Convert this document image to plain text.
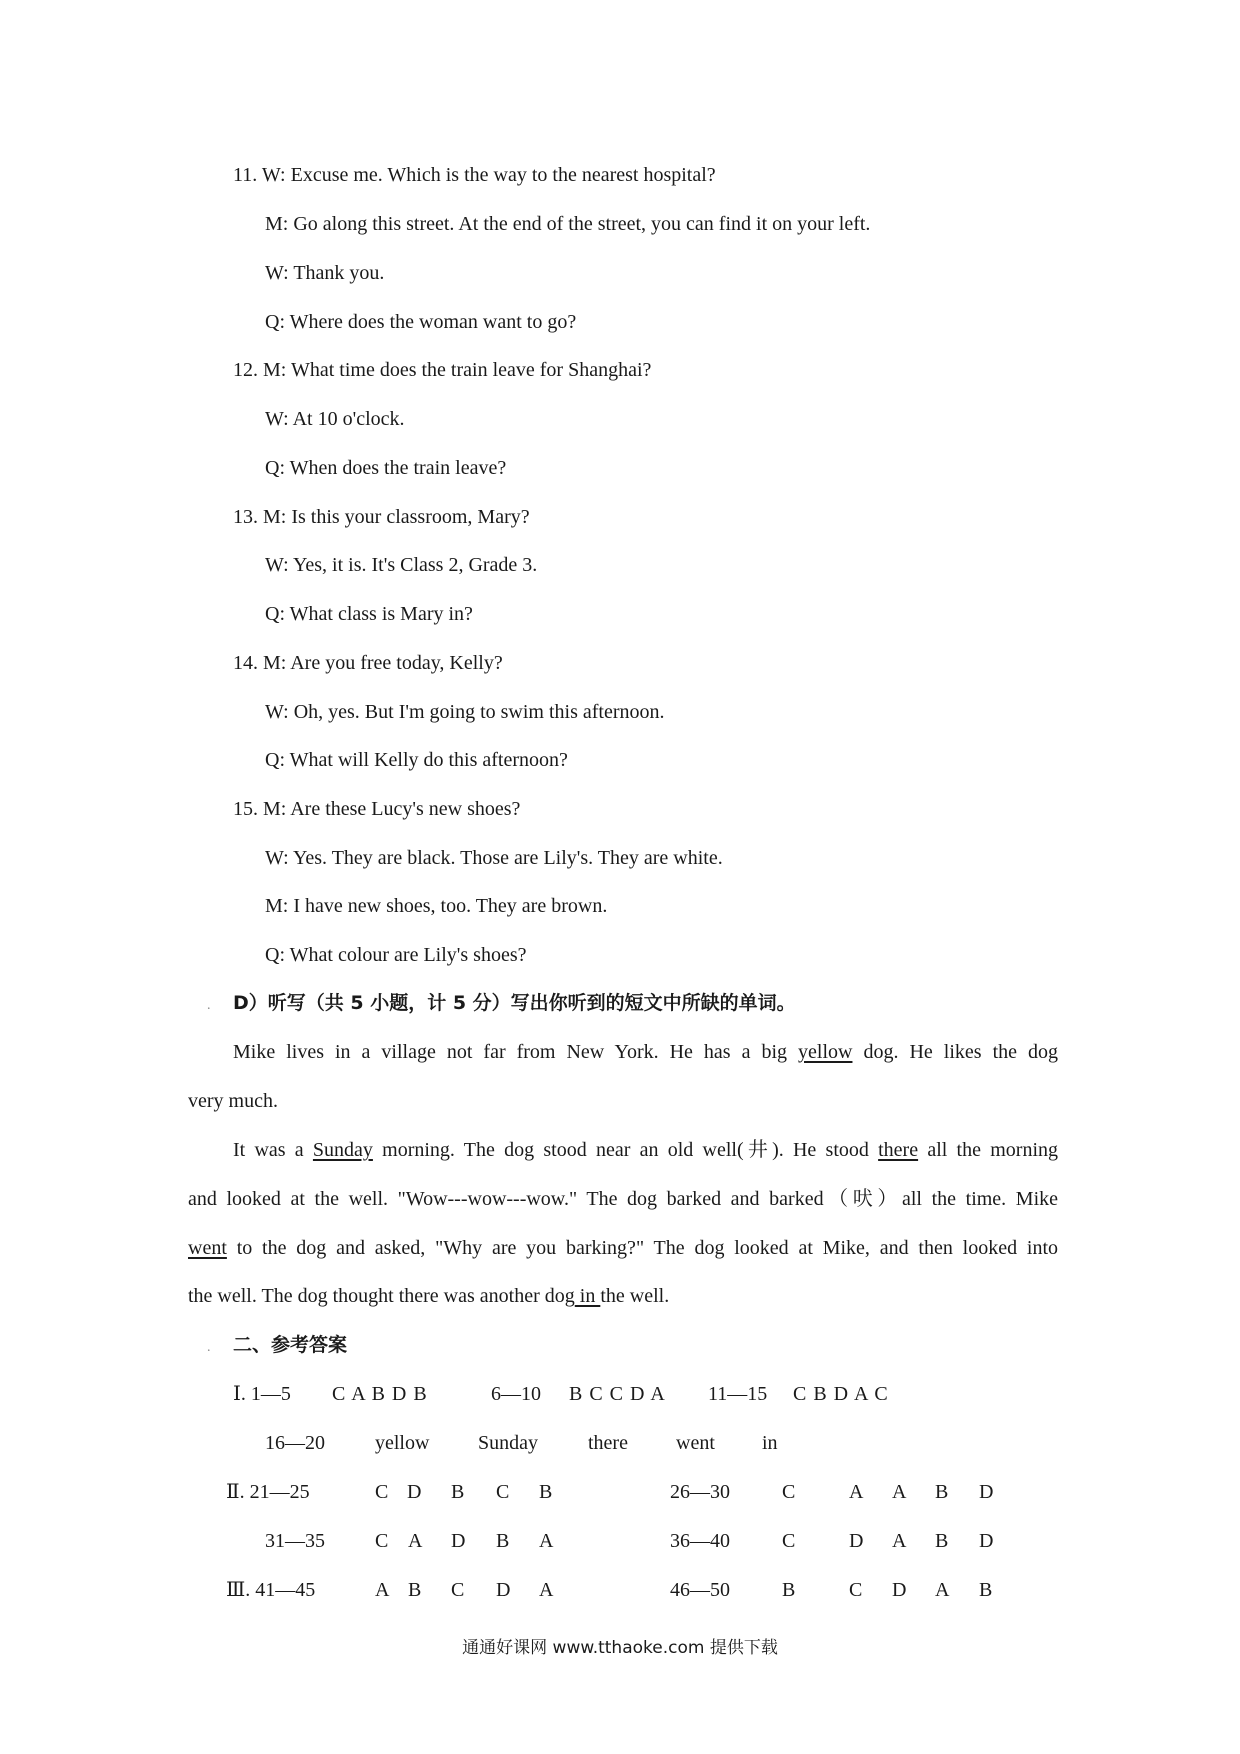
11. W: Excuse me. Which is the way to the nearest hospital?
M: Go along this street. At the end of the street, you can find it on your left.
W: Thank you.
Q: Where does the woman want to go?
12. M: What time does the train leave for Shanghai?
W: At 10 o'clock.
Q: When does the train leave?
13. M: Is this your classroom, Mary?
W: Yes, it is. It's Class 2, Grade 3.
Q: What class is Mary in?
14. M: Are you free today, Kelly?
W: Oh, yes. But I'm going to swim this afternoon.
Q: What will Kelly do this afternoon?
15. M: Are these Lucy's new shoes?
W: Yes. They are black. Those are Lily's. They are white.
M: I have new shoes, too. They are brown.
Q: What colour are Lily's shoes?
. D）听写（共 5 小题，计 5 分）写出你听到的短文中所缺的单词。
Mike lives in a village not far from New York. He has a big yellow dog. He likes the dog
very much.
It was a Sunday morning. The dog stood near an old well(井). He stood there all the morning
and looked at the well. "Wow---wow---wow." The dog barked and barked（吠）all the time. Mike
went to the dog and asked, "Why are you barking?" The dog looked at Mike, and then looked into
the well. The dog thought there was another dog in the well.
. 二、参考答案
Ⅰ. 1—5 C A B D B	6—10 B C C D A 11—15 C B D A C
16—20	yellow Sunday	there went in
Ⅱ. 21—25	C D B C B	26—30	C	A A B D
31—35	C A D B A	36—40	C	D A B D
Ⅲ. 41—45	A B C D A	46—50	B	C D A B
通通好课网 www.tthaoke.com 提供下载
